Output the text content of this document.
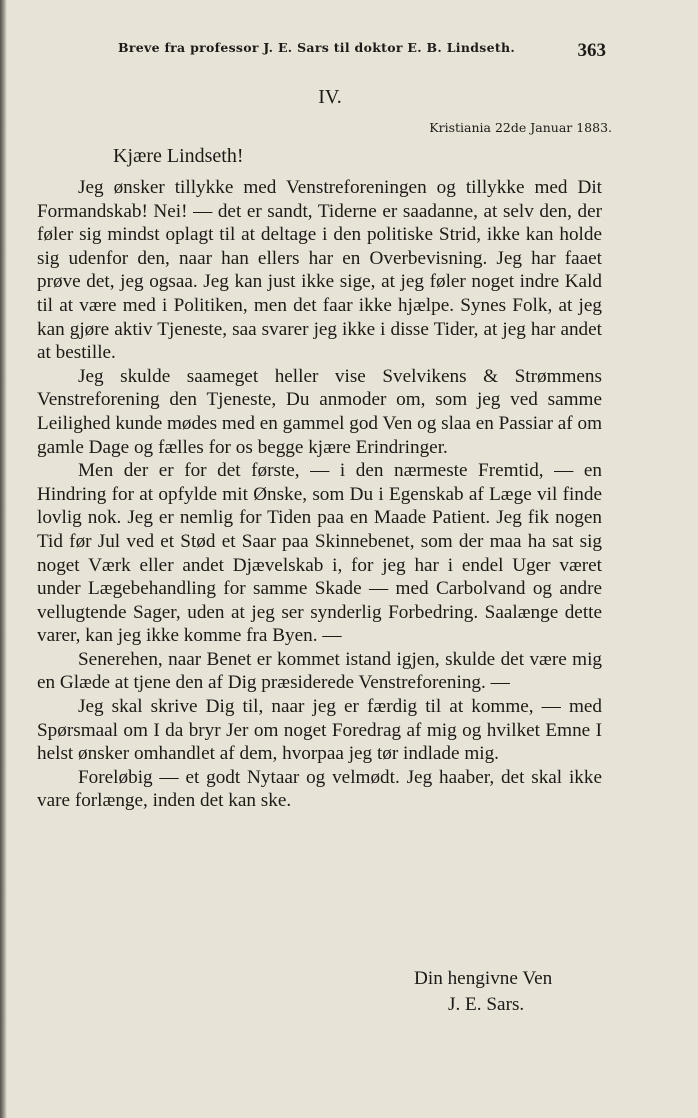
Breve fra professor J. E. Sars til doktor E. B. Lindseth.	363
IV.
Kristiania 22de Januar 1883.
Kjære Lindseth!

Jeg ønsker tillykke med Venstreforeningen og tillykke med Dit Formandskab! Nei! — det er sandt, Tiderne er saadanne, at selv den, der føler sig mindst oplagt til at deltage i den politiske Strid, ikke kan holde sig udenfor den, naar han ellers har en Overbevisning. Jeg har faaet prøve det, jeg ogsaa. Jeg kan just ikke sige, at jeg føler noget indre Kald til at være med i Politiken, men det faar ikke hjælpe. Synes Folk, at jeg kan gjøre aktiv Tjeneste, saa svarer jeg ikke i disse Tider, at jeg har andet at bestille.

Jeg skulde saameget heller vise Svelvikens & Strømmens Venstreforening den Tjeneste, Du anmoder om, som jeg ved samme Leilighed kunde mødes med en gammel god Ven og slaa en Passiar af om gamle Dage og fælles for os begge kjære Erindringer.

Men der er for det første, — i den nærmeste Fremtid, — en Hindring for at opfylde mit Ønske, som Du i Egenskab af Læge vil finde lovlig nok. Jeg er nemlig for Tiden paa en Maade Patient. Jeg fik nogen Tid før Jul ved et Stød et Saar paa Skinnebenet, som der maa ha sat sig noget Værk eller andet Djævelskab i, for jeg har i endel Uger været under Lægebehandling for samme Skade — med Carbolvand og andre vellugtende Sager, uden at jeg ser synderlig Forbedring. Saalænge dette varer, kan jeg ikke komme fra Byen. —

Senerehen, naar Benet er kommet istand igjen, skulde det være mig en Glæde at tjene den af Dig præsiderede Venstreforening. —

Jeg skal skrive Dig til, naar jeg er færdig til at komme, — med Spørsmaal om I da bryr Jer om noget Foredrag af mig og hvilket Emne I helst ønsker omhandlet af dem, hvorpaa jeg tør indlade mig.

Foreløbig — et godt Nytaar og velmødt. Jeg haaber, det skal ikke vare forlænge, inden det kan ske.

Din hengivne Ven
J. E. Sars.
